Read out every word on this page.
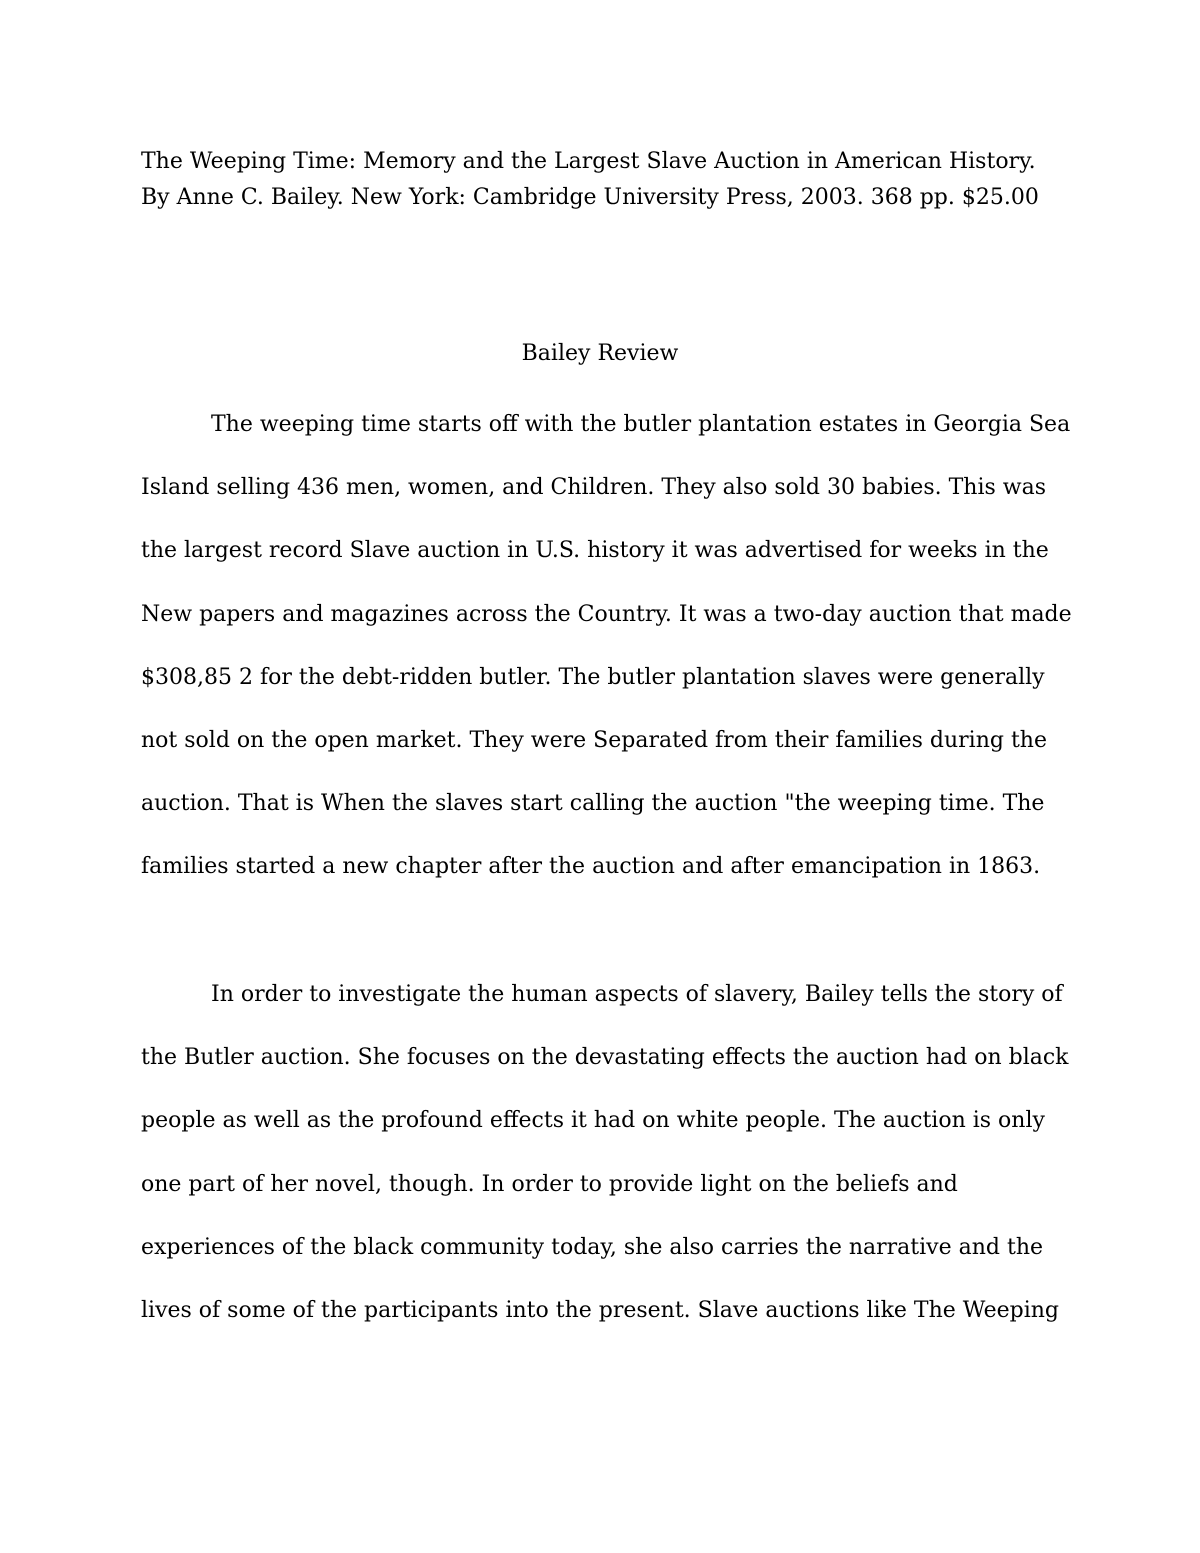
The Weeping Time: Memory and the Largest Slave Auction in American History.
By Anne C. Bailey. New York: Cambridge University Press, 2003. 368 pp. $25.00
Bailey Review
The weeping time starts off with the butler plantation estates in Georgia Sea
Island selling 436 men, women, and Children. They also sold 30 babies. This was
the largest record Slave auction in U.S. history it was advertised for weeks in the
New papers and magazines across the Country. It was a two-day auction that made
$308,85 2 for the debt-ridden butler. The butler plantation slaves were generally
not sold on the open market. They were Separated from their families during the
auction. That is When the slaves start calling the auction "the weeping time. The
families started a new chapter after the auction and after emancipation in 1863.
In order to investigate the human aspects of slavery, Bailey tells the story of
the Butler auction. She focuses on the devastating effects the auction had on black
people as well as the profound effects it had on white people. The auction is only
one part of her novel, though. In order to provide light on the beliefs and
experiences of the black community today, she also carries the narrative and the
lives of some of the participants into the present. Slave auctions like The Weeping
